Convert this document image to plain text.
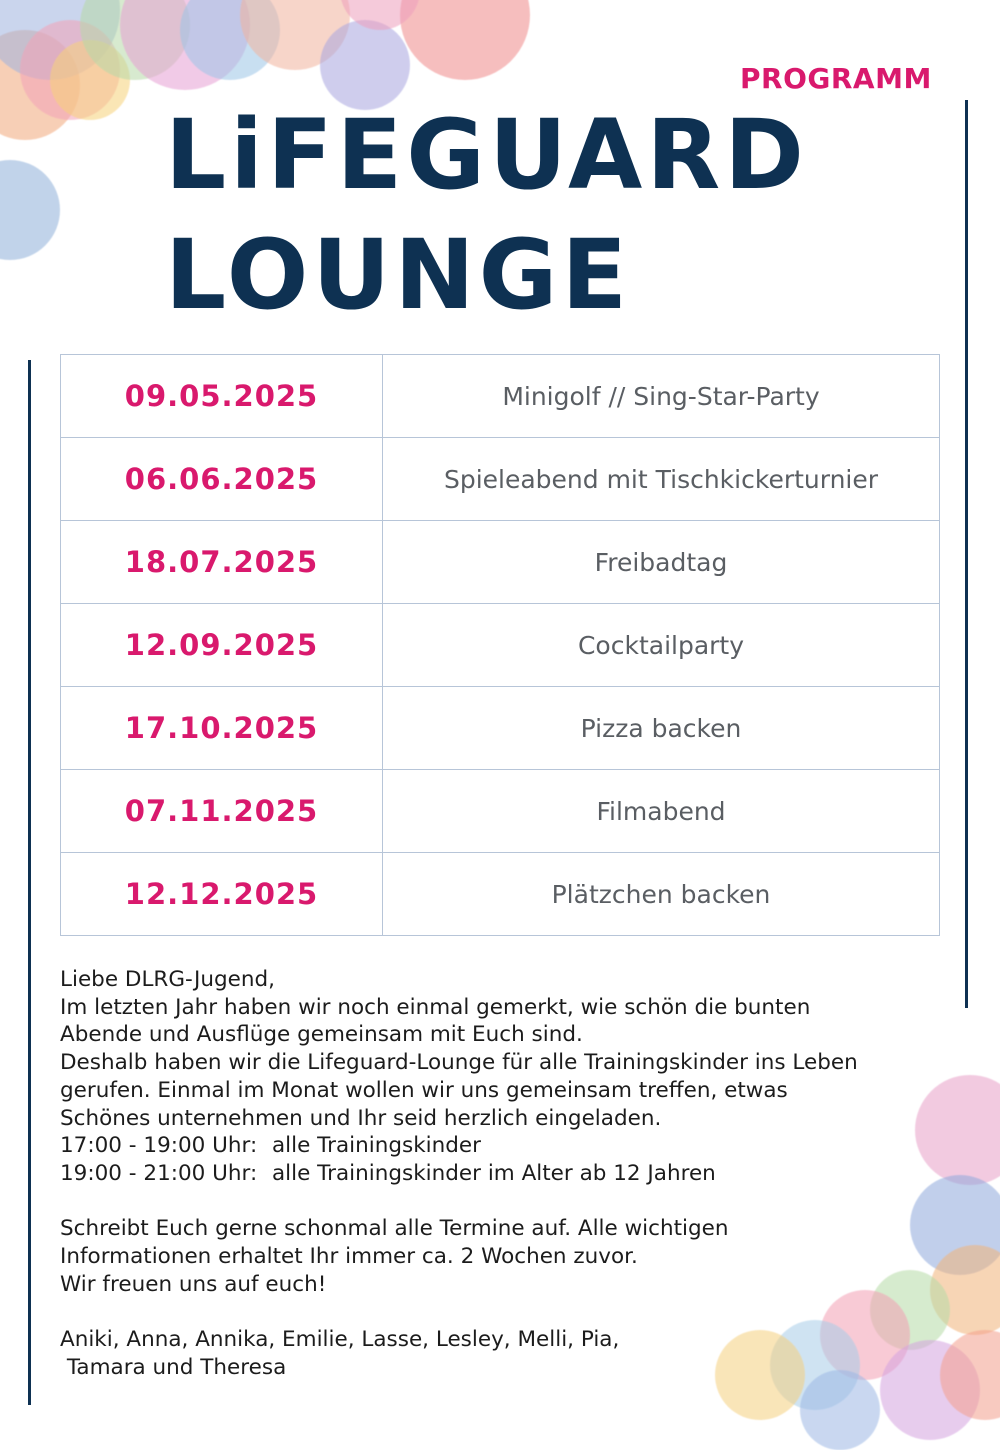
PROGRAMM
LiFEGUARD
LOUNGE
09.05.2025	Minigolf // Sing-Star-Party
06.06.2025	Spieleabend mit Tischkickerturnier
18.07.2025	Freibadtag
12.09.2025	Cocktailparty
17.10.2025	Pizza backen
07.11.2025	Filmabend
12.12.2025	Plätzchen backen

Liebe DLRG-Jugend,

Im letzten Jahr haben wir noch einmal gemerkt, wie schön die bunten

Abende und Ausflüge gemeinsam mit Euch sind.

Deshalb haben wir die Lifeguard-Lounge für alle Trainingskinder ins Leben

gerufen. Einmal im Monat wollen wir uns gemeinsam treffen, etwas

Schönes unternehmen und Ihr seid herzlich eingeladen.

17:00 - 19:00 Uhr: alle Trainingskinder

19:00 - 21:00 Uhr: alle Trainingskinder im Alter ab 12 Jahren

Schreibt Euch gerne schonmal alle Termine auf. Alle wichtigen

Informationen erhaltet Ihr immer ca. 2 Wochen zuvor.

Wir freuen uns auf euch!

Aniki, Anna, Annika, Emilie, Lasse, Lesley, Melli, Pia,

Tamara und Theresa
